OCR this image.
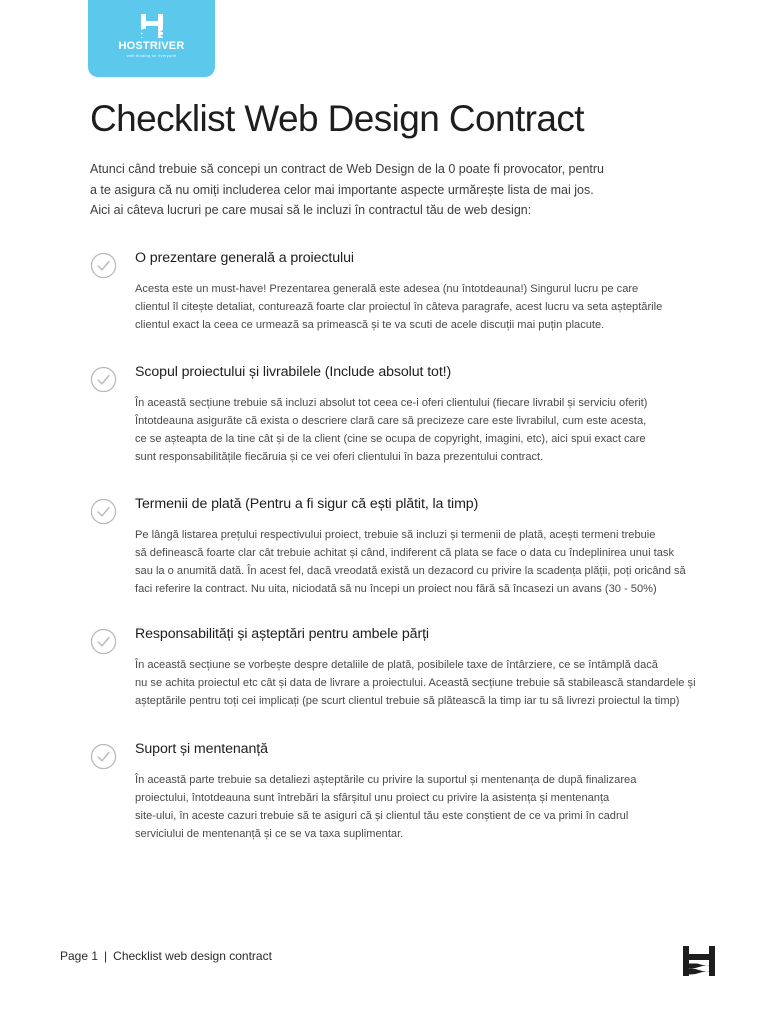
HOSTRIVER
web hosting for everyone
Checklist Web Design Contract

Atunci când trebuie să concepi un contract de Web Design de la 0 poate fi provocator, pentru

a te asigura că nu omiți includerea celor mai importante aspecte urmărește lista de mai jos.

Aici ai câteva lucruri pe care musai să le incluzi în contractul tău de web design:

O prezentare generală a proiectului

Acesta este un must-have! Prezentarea generală este adesea (nu întotdeauna!) Singurul lucru pe care

clientul îl citește detaliat, conturează foarte clar proiectul în câteva paragrafe, acest lucru va seta așteptările

clientul exact la ceea ce urmează sa primească și te va scuti de acele discuții mai puțin placute.

Scopul proiectului și livrabilele (Include absolut tot!)

În această secțiune trebuie să incluzi absolut tot ceea ce-i oferi clientului (fiecare livrabil și serviciu oferit)

Întotdeauna asigurăte că exista o descriere clară care să precizeze care este livrabilul, cum este acesta,

ce se așteapta de la tine cât și de la client (cine se ocupa de copyright, imagini, etc), aici spui exact care

sunt responsabilitățile fiecăruia și ce vei oferi clientului în baza prezentului contract.

Termenii de plată (Pentru a fi sigur că ești plătit, la timp)

Pe lângă listarea prețului respectivului proiect, trebuie să incluzi și termenii de plată, acești termeni trebuie

să definească foarte clar cât trebuie achitat și când, indiferent că plata se face o data cu îndeplinirea unui task

sau la o anumită dată. În acest fel, dacă vreodată există un dezacord cu privire la scadența plății, poți oricând să

faci referire la contract. Nu uita, niciodată să nu începi un proiect nou fără să încasezi un avans (30 - 50%)

Responsabilități și așteptări pentru ambele părți

În această secțiune se vorbește despre detaliile de plată, posibilele taxe de întârziere, ce se întâmplă dacă

nu se achita proiectul etc cât și data de livrare a proiectului. Această secțiune trebuie să stabilească standardele și

așteptările pentru toți cei implicați (pe scurt clientul trebuie să plătească la timp iar tu să livrezi proiectul la timp)

Suport și mentenanță

În această parte trebuie sa detaliezi așteptările cu privire la suportul și mentenanța de după finalizarea

proiectului, întotdeauna sunt întrebări la sfârșitul unu proiect cu privire la asistența și mentenanța

site-ului, în aceste cazuri trebuie să te asiguri că și clientul tău este conștient de ce va primi în cadrul

serviciului de mentenanță și ce se va taxa suplimentar.

Page 1 | Checklist web design contract
